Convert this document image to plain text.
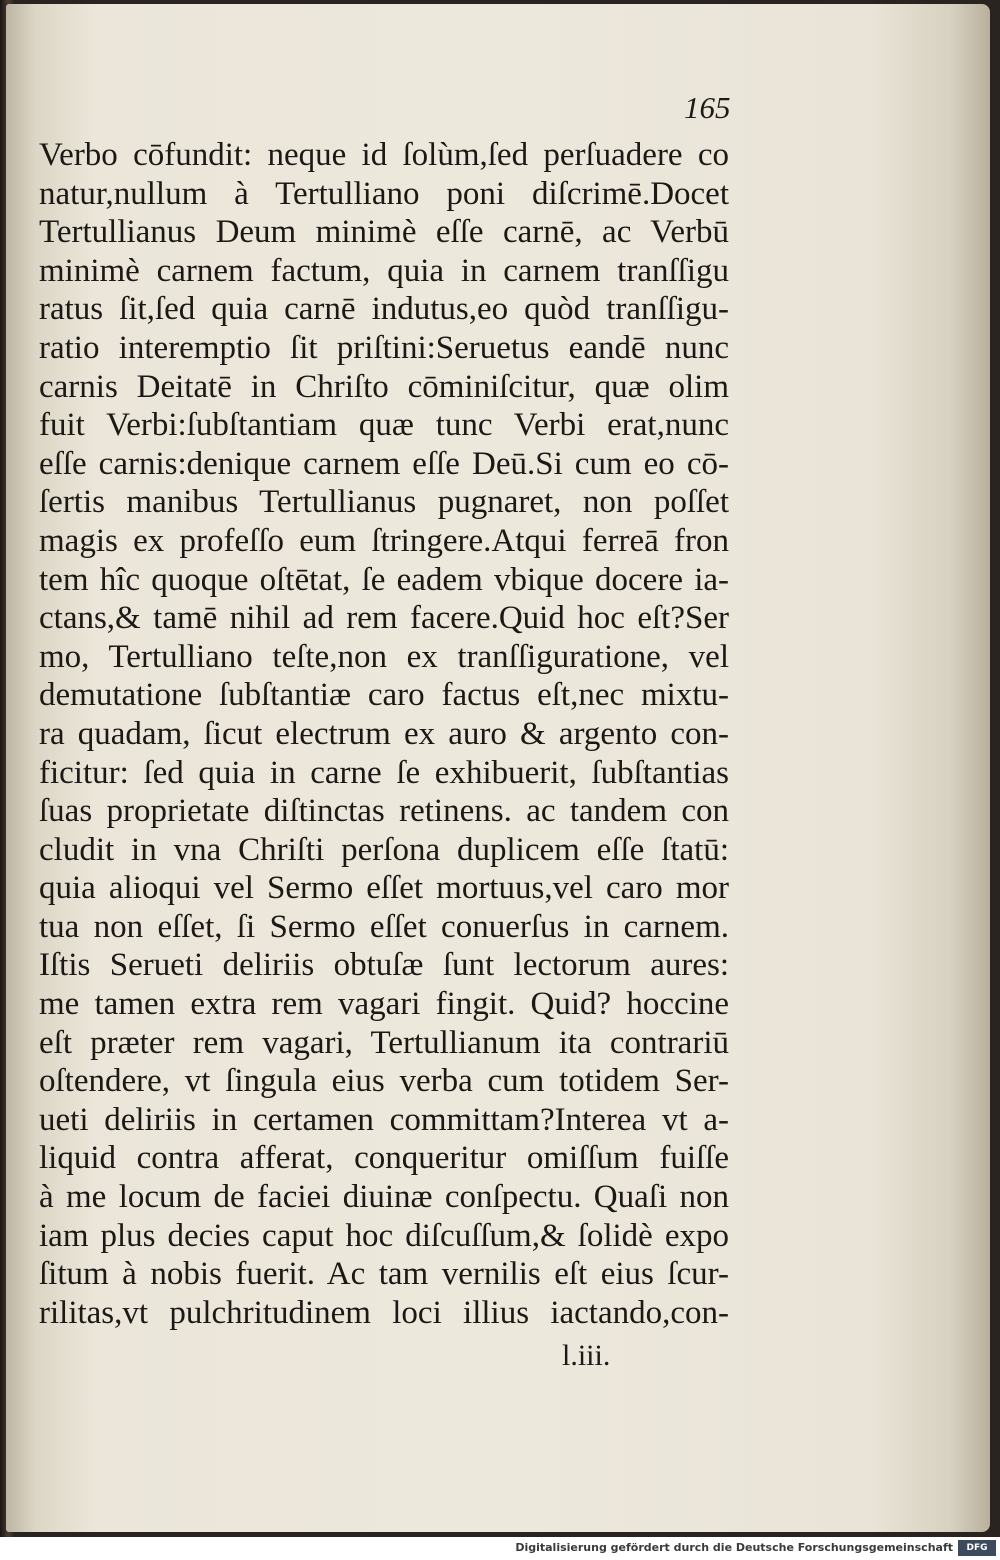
165
Verbo cōfundit: neque id ſolùm,ſed perſuadere co
natur,nullum à Tertulliano poni diſcrimē.Docet
Tertullianus Deum minimè eſſe carnē, ac Verbū
minimè carnem factum, quia in carnem tranſſigu
ratus ſit,ſed quia carnē indutus,eo quòd tranſſigu-
ratio interemptio ſit priſtini:Seruetus eandē nunc
carnis Deitatē in Chriſto cōminiſcitur, quæ olim
fuit Verbi:ſubſtantiam quæ tunc Verbi erat,nunc
eſſe carnis:denique carnem eſſe Deū.Si cum eo cō-
ſertis manibus Tertullianus pugnaret, non poſſet
magis ex profeſſo eum ſtringere.Atqui ferreā fron
tem hîc quoque oſtētat, ſe eadem vbique docere ia-
ctans,& tamē nihil ad rem facere.Quid hoc eſt?Ser
mo, Tertulliano teſte,non ex tranſſiguratione, vel
demutatione ſubſtantiæ caro factus eſt,nec mixtu-
ra quadam, ſicut electrum ex auro & argento con-
ficitur: ſed quia in carne ſe exhibuerit, ſubſtantias
ſuas proprietate diſtinctas retinens. ac tandem con
cludit in vna Chriſti perſona duplicem eſſe ſtatū:
quia alioqui vel Sermo eſſet mortuus,vel caro mor
tua non eſſet, ſi Sermo eſſet conuerſus in carnem.
Iſtis Serueti deliriis obtuſæ ſunt lectorum aures:
me tamen extra rem vagari fingit. Quid? hoccine
eſt præter rem vagari, Tertullianum ita contrariū
oſtendere, vt ſingula eius verba cum totidem Ser-
ueti deliriis in certamen committam?Interea vt a-
liquid contra afferat, conqueritur omiſſum fuiſſe
à me locum de faciei diuinæ conſpectu. Quaſi non
iam plus decies caput hoc diſcuſſum,& ſolidè expo
ſitum à nobis fuerit. Ac tam vernilis eſt eius ſcur-
rilitas,vt pulchritudinem loci illius iactando,con-
l.iii.
Digitalisierung gefördert durch die Deutsche Forschungsgemeinschaft	DFG
